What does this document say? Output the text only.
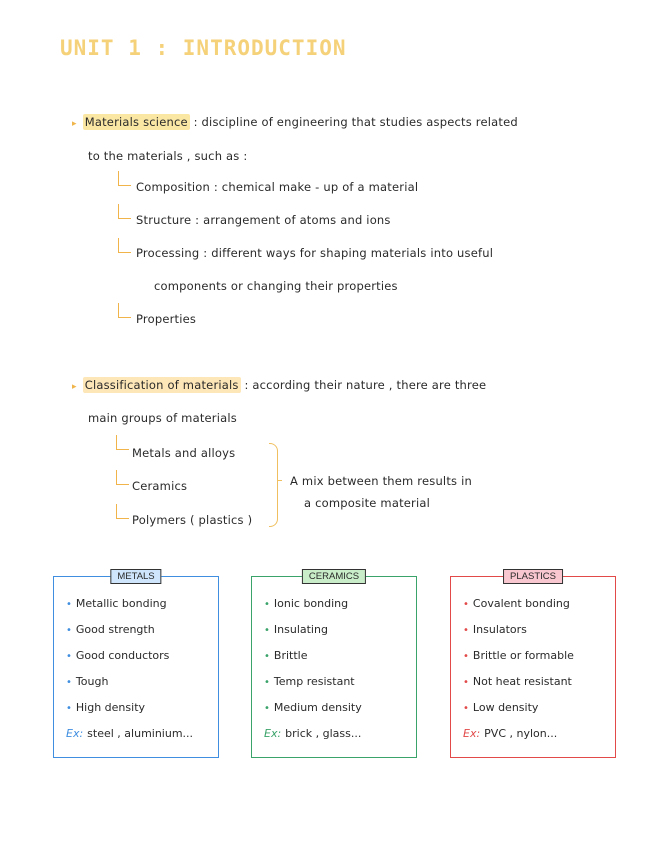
UNIT 1 : INTRODUCTION
▸ Materials science : discipline of engineering that studies aspects related
to the materials , such as :
Composition : chemical make - up of a material
Structure : arrangement of atoms and ions
Processing : different ways for shaping materials into useful
components or changing their properties
Properties
▸ Classification of materials : according their nature , there are three
main groups of materials
Metals and alloys
Ceramics
Polymers ( plastics )
A mix between them results in
a composite material
METALS
• Metallic bonding
• Good strength
• Good conductors
• Tough
• High density
Ex: steel , aluminium...
CERAMICS
• Ionic bonding
• Insulating
• Brittle
• Temp resistant
• Medium density
Ex: brick , glass...
PLASTICS
• Covalent bonding
• Insulators
• Brittle or formable
• Not heat resistant
• Low density
Ex: PVC , nylon...
